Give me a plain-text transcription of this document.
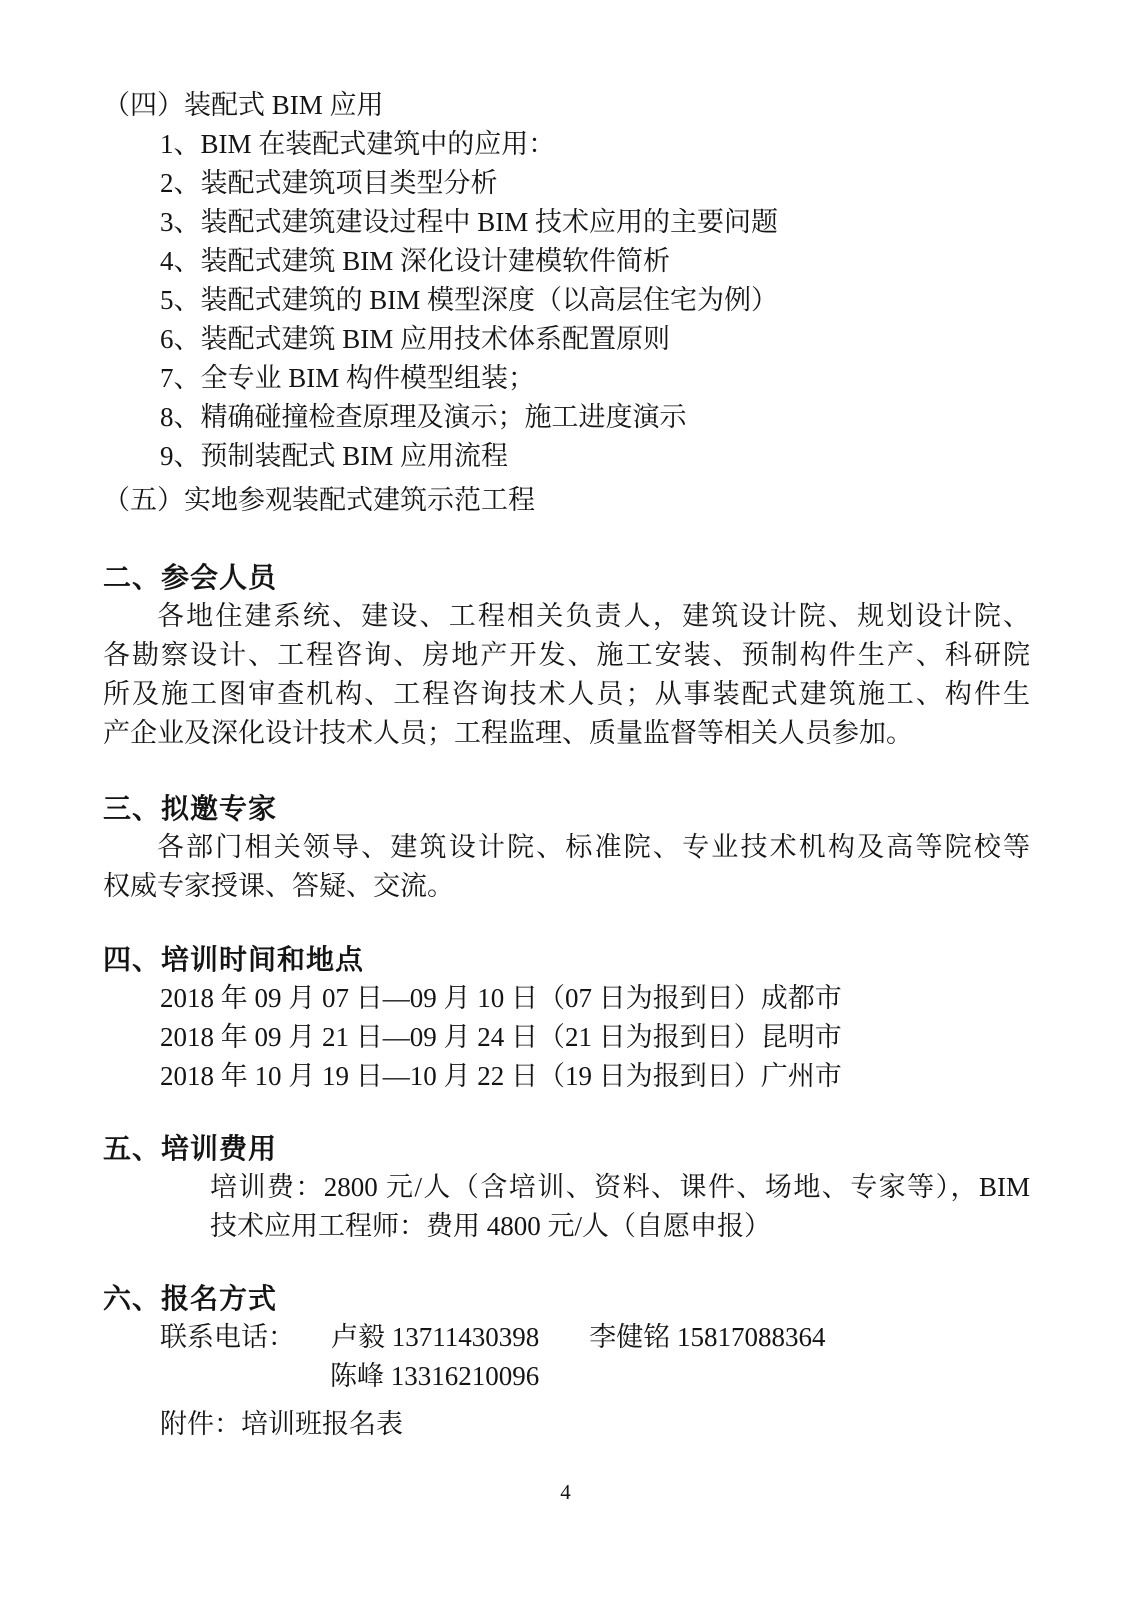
（四）装配式 BIM 应用
1、BIM 在装配式建筑中的应用：
2、装配式建筑项目类型分析
3、装配式建筑建设过程中 BIM 技术应用的主要问题
4、装配式建筑 BIM 深化设计建模软件简析
5、装配式建筑的 BIM 模型深度（以高层住宅为例）
6、装配式建筑 BIM 应用技术体系配置原则
7、全专业 BIM 构件模型组装；
8、精确碰撞检查原理及演示；施工进度演示
9、预制装配式 BIM 应用流程
（五）实地参观装配式建筑示范工程
二、参会人员
各地住建系统、建设、工程相关负责人，建筑设计院、规划设计院、
各勘察设计、工程咨询、房地产开发、施工安装、预制构件生产、科研院
所及施工图审查机构、工程咨询技术人员；从事装配式建筑施工、构件生
产企业及深化设计技术人员；工程监理、质量监督等相关人员参加。
三、拟邀专家
各部门相关领导、建筑设计院、标准院、专业技术机构及高等院校等
权威专家授课、答疑、交流。
四、培训时间和地点
2018 年 09 月 07 日—09 月 10 日（07 日为报到日）成都市
2018 年 09 月 21 日—09 月 24 日（21 日为报到日）昆明市
2018 年 10 月 19 日—10 月 22 日（19 日为报到日）广州市
五、培训费用
培训费：2800 元/人（含培训、资料、课件、场地、专家等），BIM
技术应用工程师：费用 4800 元/人（自愿申报）
六、报名方式
联系电话： 卢毅 13711430398 李健铭 15817088364
陈峰 13316210096
附件：培训班报名表
4
